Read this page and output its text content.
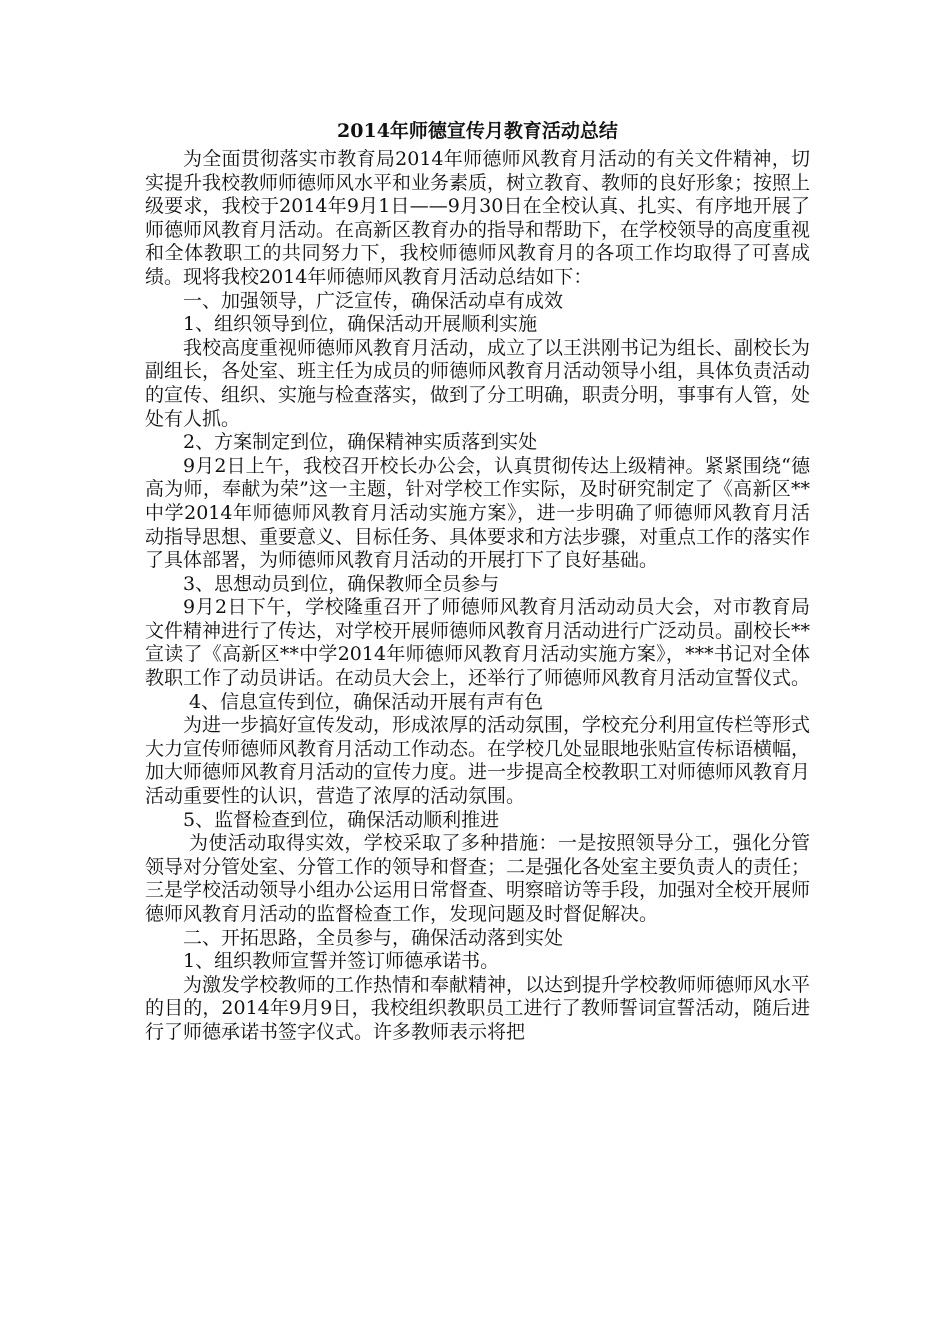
2014年师德宣传月教育活动总结

为全面贯彻落实市教育局2014年师德师风教育月活动的有关文件精神，切实提升我校教师师德师风水平和业务素质，树立教育、教师的良好形象；按照上级要求，我校于2014年9月1日——9月30日在全校认真、扎实、有序地开展了师德师风教育月活动。在高新区教育办的指导和帮助下，在学校领导的高度重视和全体教职工的共同努力下，我校师德师风教育月的各项工作均取得了可喜成绩。现将我校2014年师德师风教育月活动总结如下：

一、加强领导，广泛宣传，确保活动卓有成效

1、组织领导到位，确保活动开展顺利实施

我校高度重视师德师风教育月活动，成立了以王洪刚书记为组长、副校长为副组长，各处室、班主任为成员的师德师风教育月活动领导小组，具体负责活动的宣传、组织、实施与检查落实，做到了分工明确，职责分明，事事有人管，处处有人抓。

2、方案制定到位，确保精神实质落到实处

9月2日上午，我校召开校长办公会，认真贯彻传达上级精神。紧紧围绕“德高为师，奉献为荣”这一主题，针对学校工作实际，及时研究制定了《高新区**中学2014年师德师风教育月活动实施方案》，进一步明确了师德师风教育月活动指导思想、重要意义、目标任务、具体要求和方法步骤，对重点工作的落实作了具体部署，为师德师风教育月活动的开展打下了良好基础。

3、思想动员到位，确保教师全员参与

9月2日下午，学校隆重召开了师德师风教育月活动动员大会，对市教育局文件精神进行了传达，对学校开展师德师风教育月活动进行广泛动员。副校长**宣读了《高新区**中学2014年师德师风教育月活动实施方案》，***书记对全体教职工作了动员讲话。在动员大会上，还举行了师德师风教育月活动宣誓仪式。

4、信息宣传到位，确保活动开展有声有色

为进一步搞好宣传发动，形成浓厚的活动氛围，学校充分利用宣传栏等形式大力宣传师德师风教育月活动工作动态。在学校几处显眼地张贴宣传标语横幅，加大师德师风教育月活动的宣传力度。进一步提高全校教职工对师德师风教育月活动重要性的认识，营造了浓厚的活动氛围。

5、监督检查到位，确保活动顺利推进

为使活动取得实效，学校采取了多种措施：一是按照领导分工，强化分管领导对分管处室、分管工作的领导和督查；二是强化各处室主要负责人的责任；三是学校活动领导小组办公运用日常督查、明察暗访等手段，加强对全校开展师德师风教育月活动的监督检查工作，发现问题及时督促解决。

二、开拓思路，全员参与，确保活动落到实处

1、组织教师宣誓并签订师德承诺书。

为激发学校教师的工作热情和奉献精神，以达到提升学校教师师德师风水平的目的，2014年9月9日，我校组织教职员工进行了教师誓词宣誓活动，随后进行了师德承诺书签字仪式。许多教师表示将把
